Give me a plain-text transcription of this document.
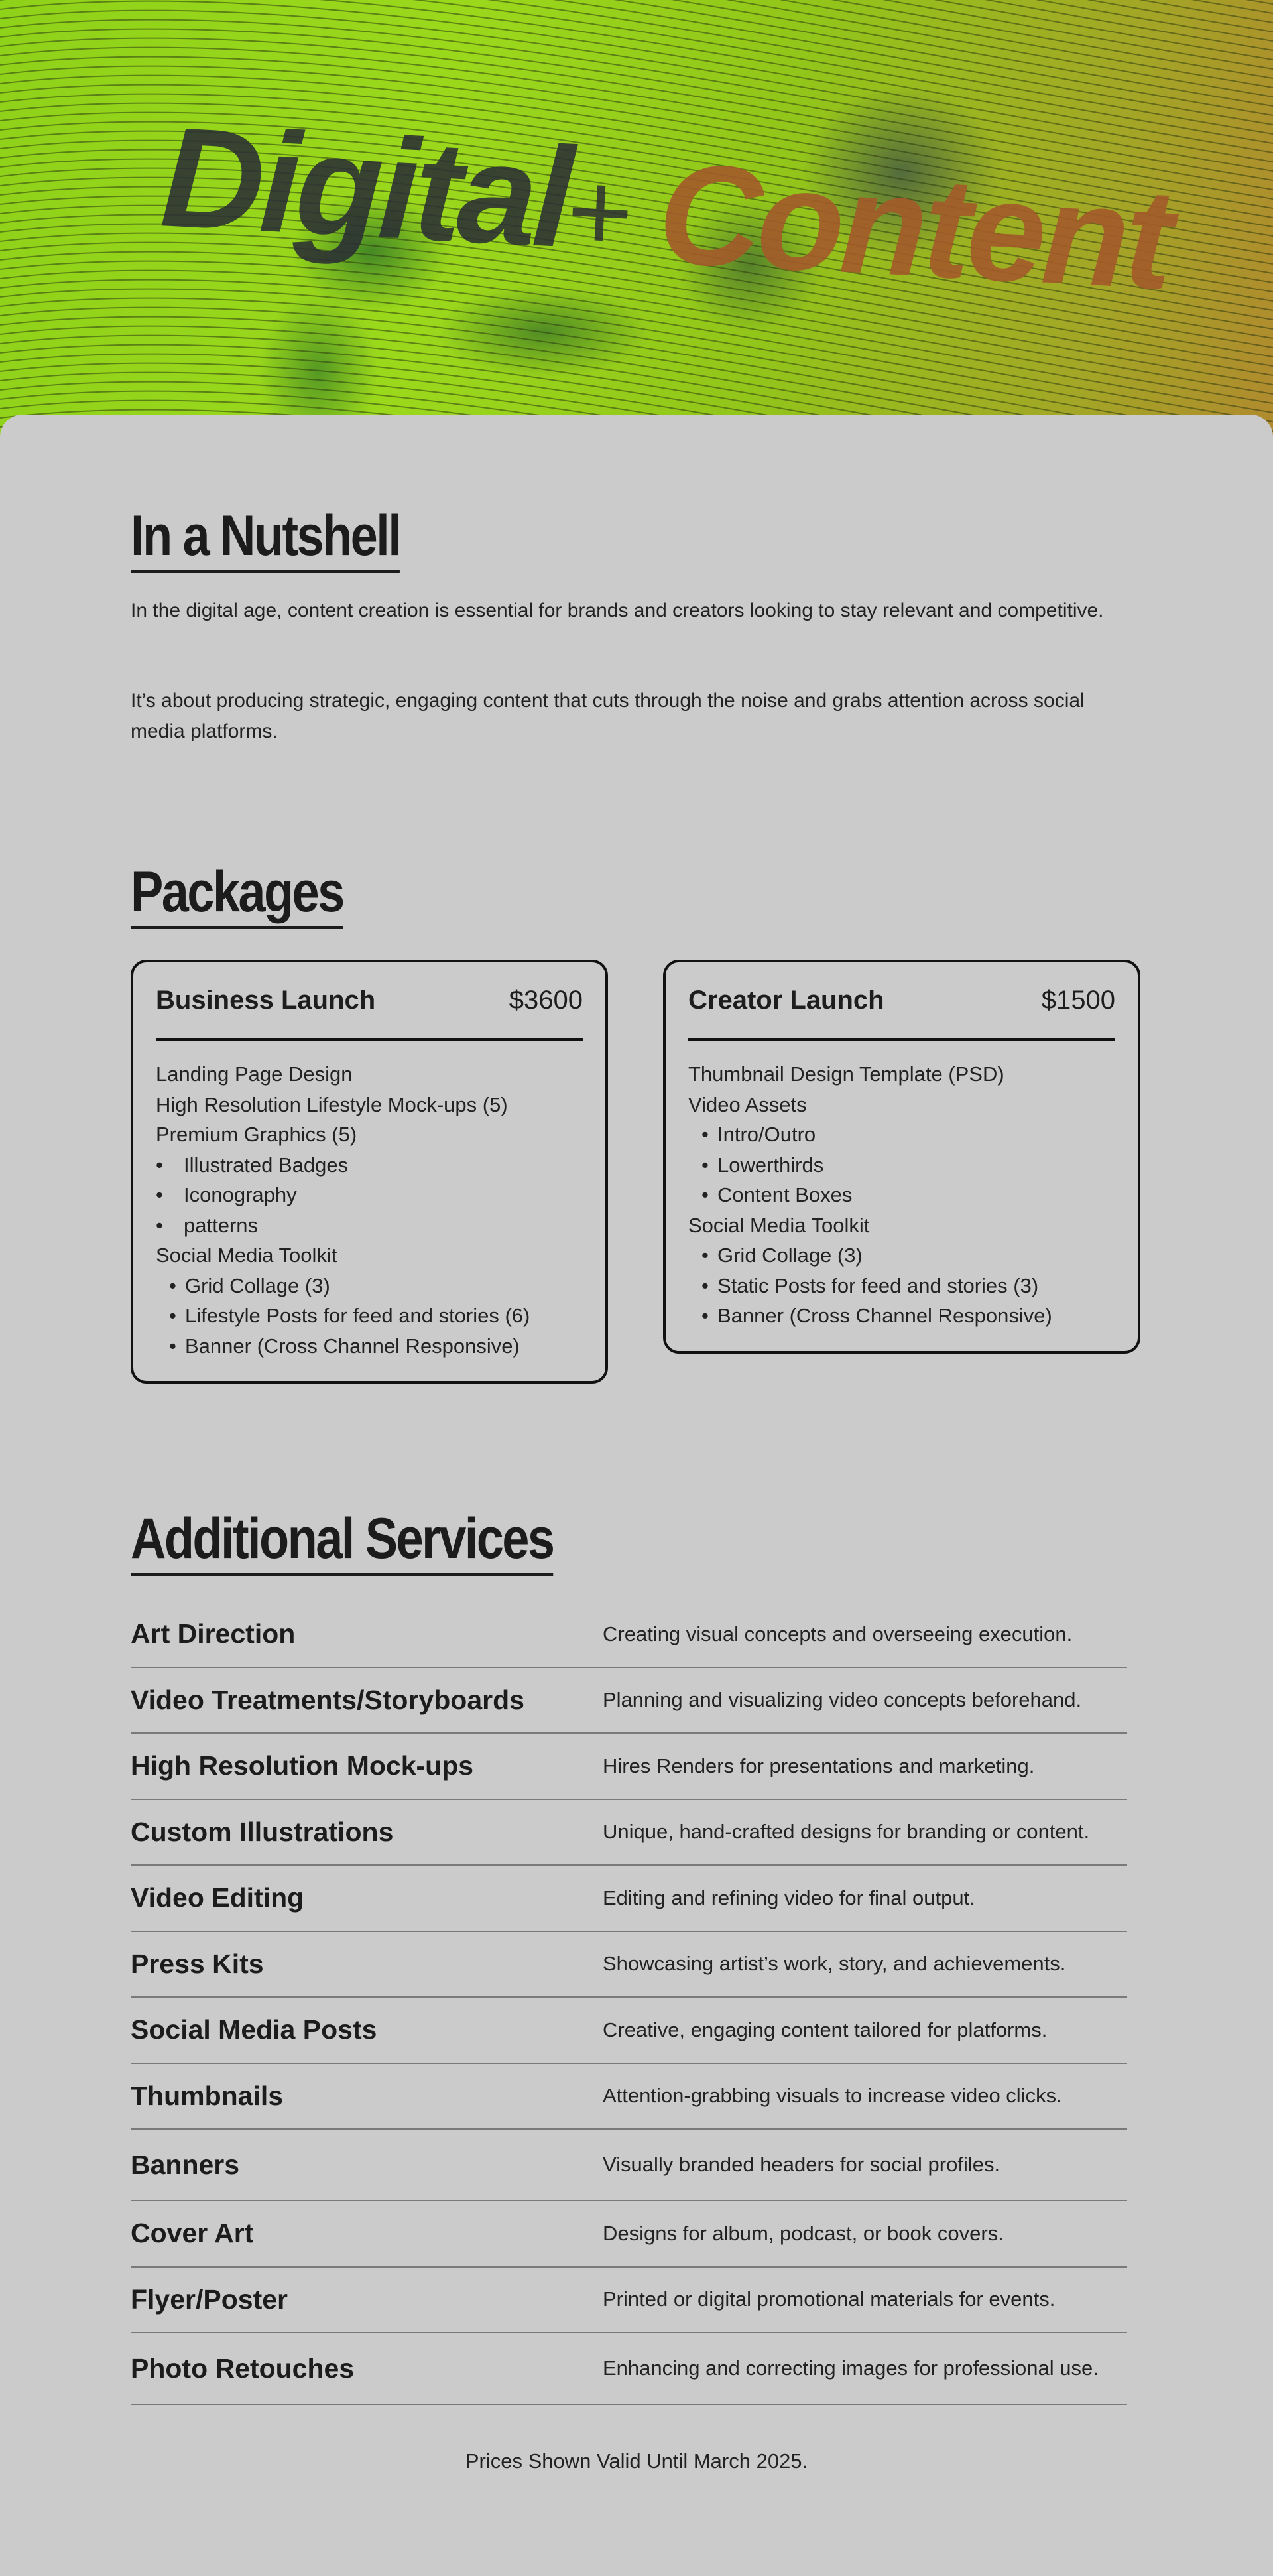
Digital
+ Content
In a Nutshell

In the digital age, content creation is essential for brands and creators looking to stay relevant and competitive.

It’s about producing strategic, engaging content that cuts through the noise and grabs attention across social media platforms.

Packages
Business Launch	$3600
Landing Page Design
High Resolution Lifestyle Mock-ups (5)
Premium Graphics (5)
• Illustrated Badges
• Iconography
• patterns
Social Media Toolkit
• Grid Collage (3)
• Lifestyle Posts for feed and stories (6)
• Banner (Cross Channel Responsive)
Creator Launch	$1500
Thumbnail Design Template (PSD)
Video Assets
• Intro/Outro
• Lowerthirds
• Content Boxes
Social Media Toolkit
• Grid Collage (3)
• Static Posts for feed and stories (3)
• Banner (Cross Channel Responsive)
Additional Services
Art Direction	Creating visual concepts and overseeing execution.
Video Treatments/Storyboards	Planning and visualizing video concepts beforehand.
High Resolution Mock-ups	Hires Renders for presentations and marketing.
Custom Illustrations	Unique, hand-crafted designs for branding or content.
Video Editing	Editing and refining video for final output.
Press Kits	Showcasing artist’s work, story, and achievements.
Social Media Posts	Creative, engaging content tailored for platforms.
Thumbnails	Attention-grabbing visuals to increase video clicks.
Banners	Visually branded headers for social profiles.
Cover Art	Designs for album, podcast, or book covers.
Flyer/Poster	Printed or digital promotional materials for events.
Photo Retouches	Enhancing and correcting images for professional use.
Prices Shown Valid Until March 2025.
